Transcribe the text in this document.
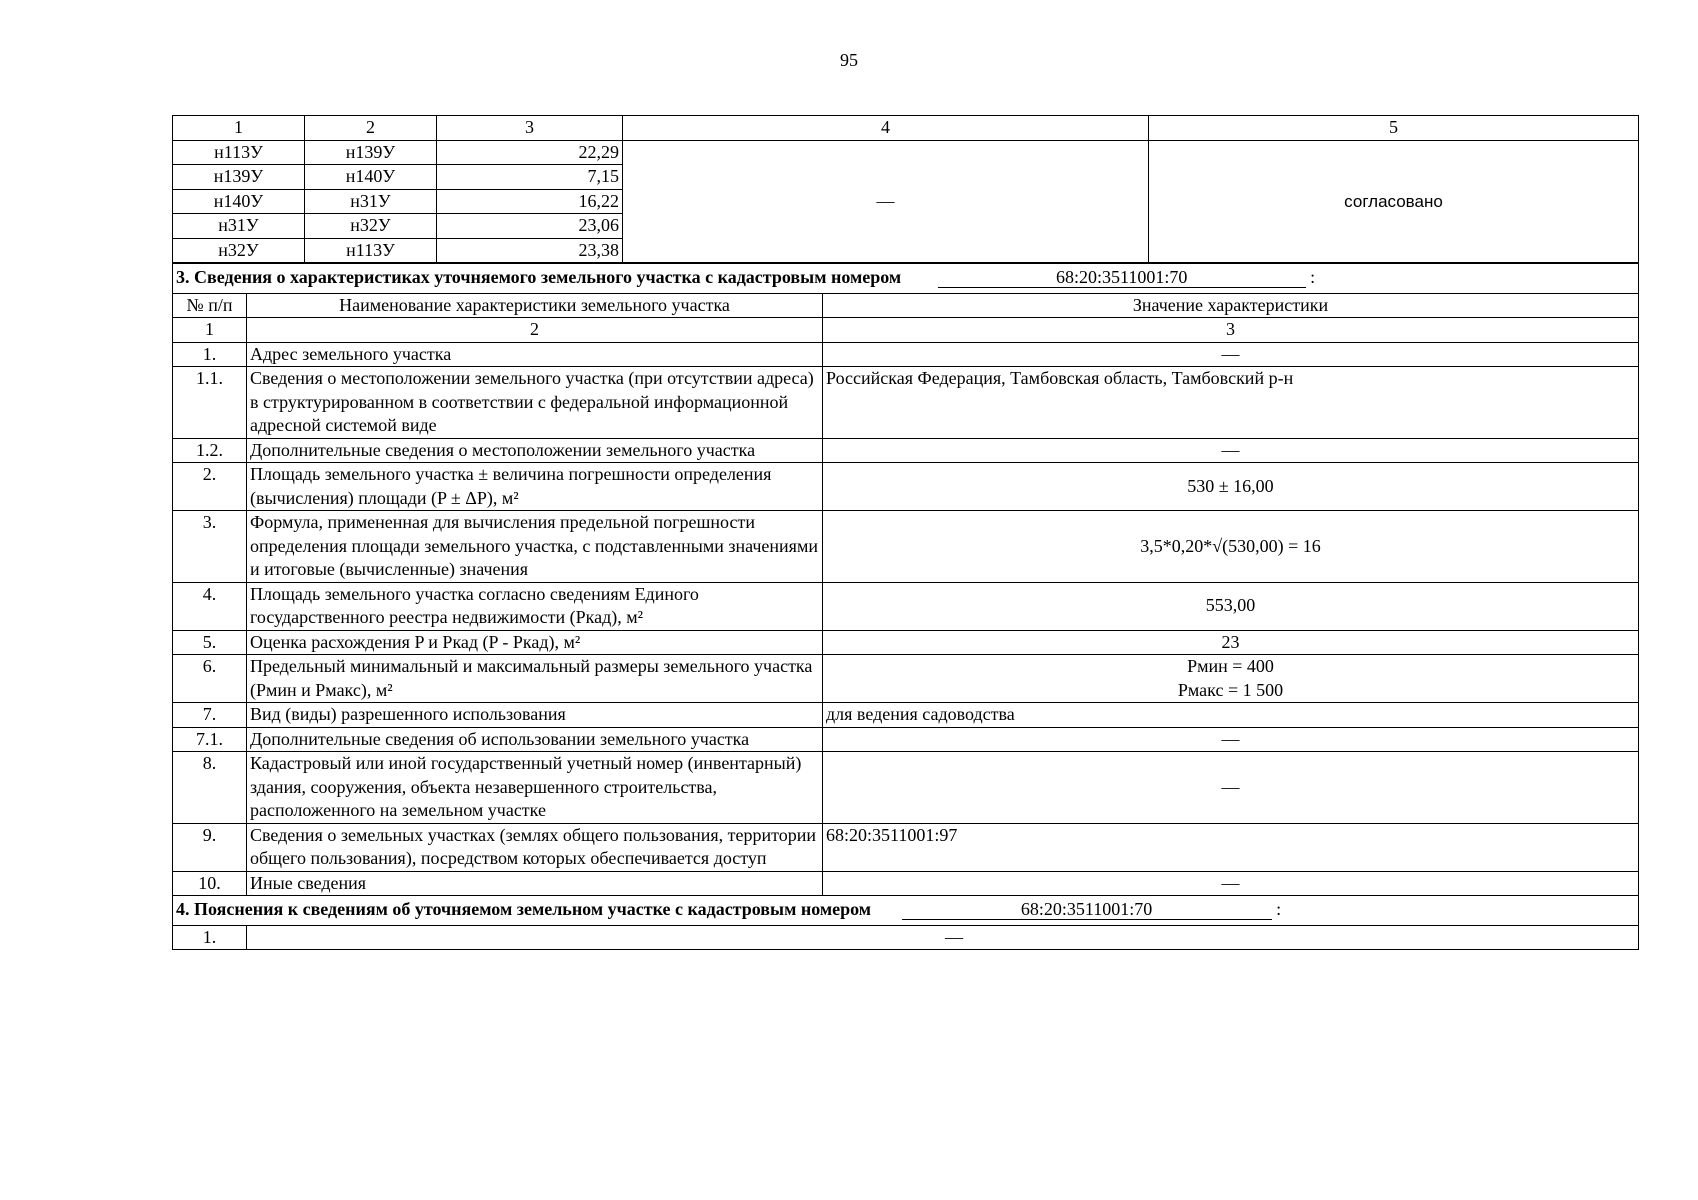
95
1	2	3	4	5
н113У	н139У	22,29	—	согласовано
н139У	н140У	7,15		
н140У	н31У	16,22		
н31У	н32У	23,06		
н32У	н113У	23,38		
3. Сведения о характеристиках уточняемого земельного участка с кадастровым номером 68:20:3511001:70 :		
№ п/п	Наименование характеристики земельного участка	Значение характеристики
1	2	3
1.	Адрес земельного участка	—
1.1.	Сведения о местоположении земельного участка (при отсутствии адреса) в структурированном в соответствии с федеральной информационной адресной системой виде	Российская Федерация, Тамбовская область, Тамбовский р-н
1.2.	Дополнительные сведения о местоположении земельного участка	—
2.	Площадь земельного участка ± величина погрешности определения (вычисления) площади (P ± ΔP), м²	530 ± 16,00
3.	Формула, примененная для вычисления предельной погрешности определения площади земельного участка, с подставленными значениями и итоговые (вычисленные) значения	3,5*0,20*√(530,00) = 16
4.	Площадь земельного участка согласно сведениям Единого государственного реестра недвижимости (Ркад), м²	553,00
5.	Оценка расхождения P и Ркад (P - Ркад), м²	23
6.	Предельный минимальный и максимальный размеры земельного участка (Pмин и Pмакс), м²	Pмин = 400
Pмакс = 1 500

7.	Вид (виды) разрешенного использования	для ведения садоводства
7.1.	Дополнительные сведения об использовании земельного участка	—
8.	Кадастровый или иной государственный учетный номер (инвентарный) здания, сооружения, объекта незавершенного строительства, расположенного на земельном участке	—
9.	Сведения о земельных участках (землях общего пользования, территории общего пользования), посредством которых обеспечивается доступ	68:20:3511001:97
10.	Иные сведения	—
4. Пояснения к сведениям об уточняемом земельном участке с кадастровым номером 68:20:3511001:70 :		
1.	—	
